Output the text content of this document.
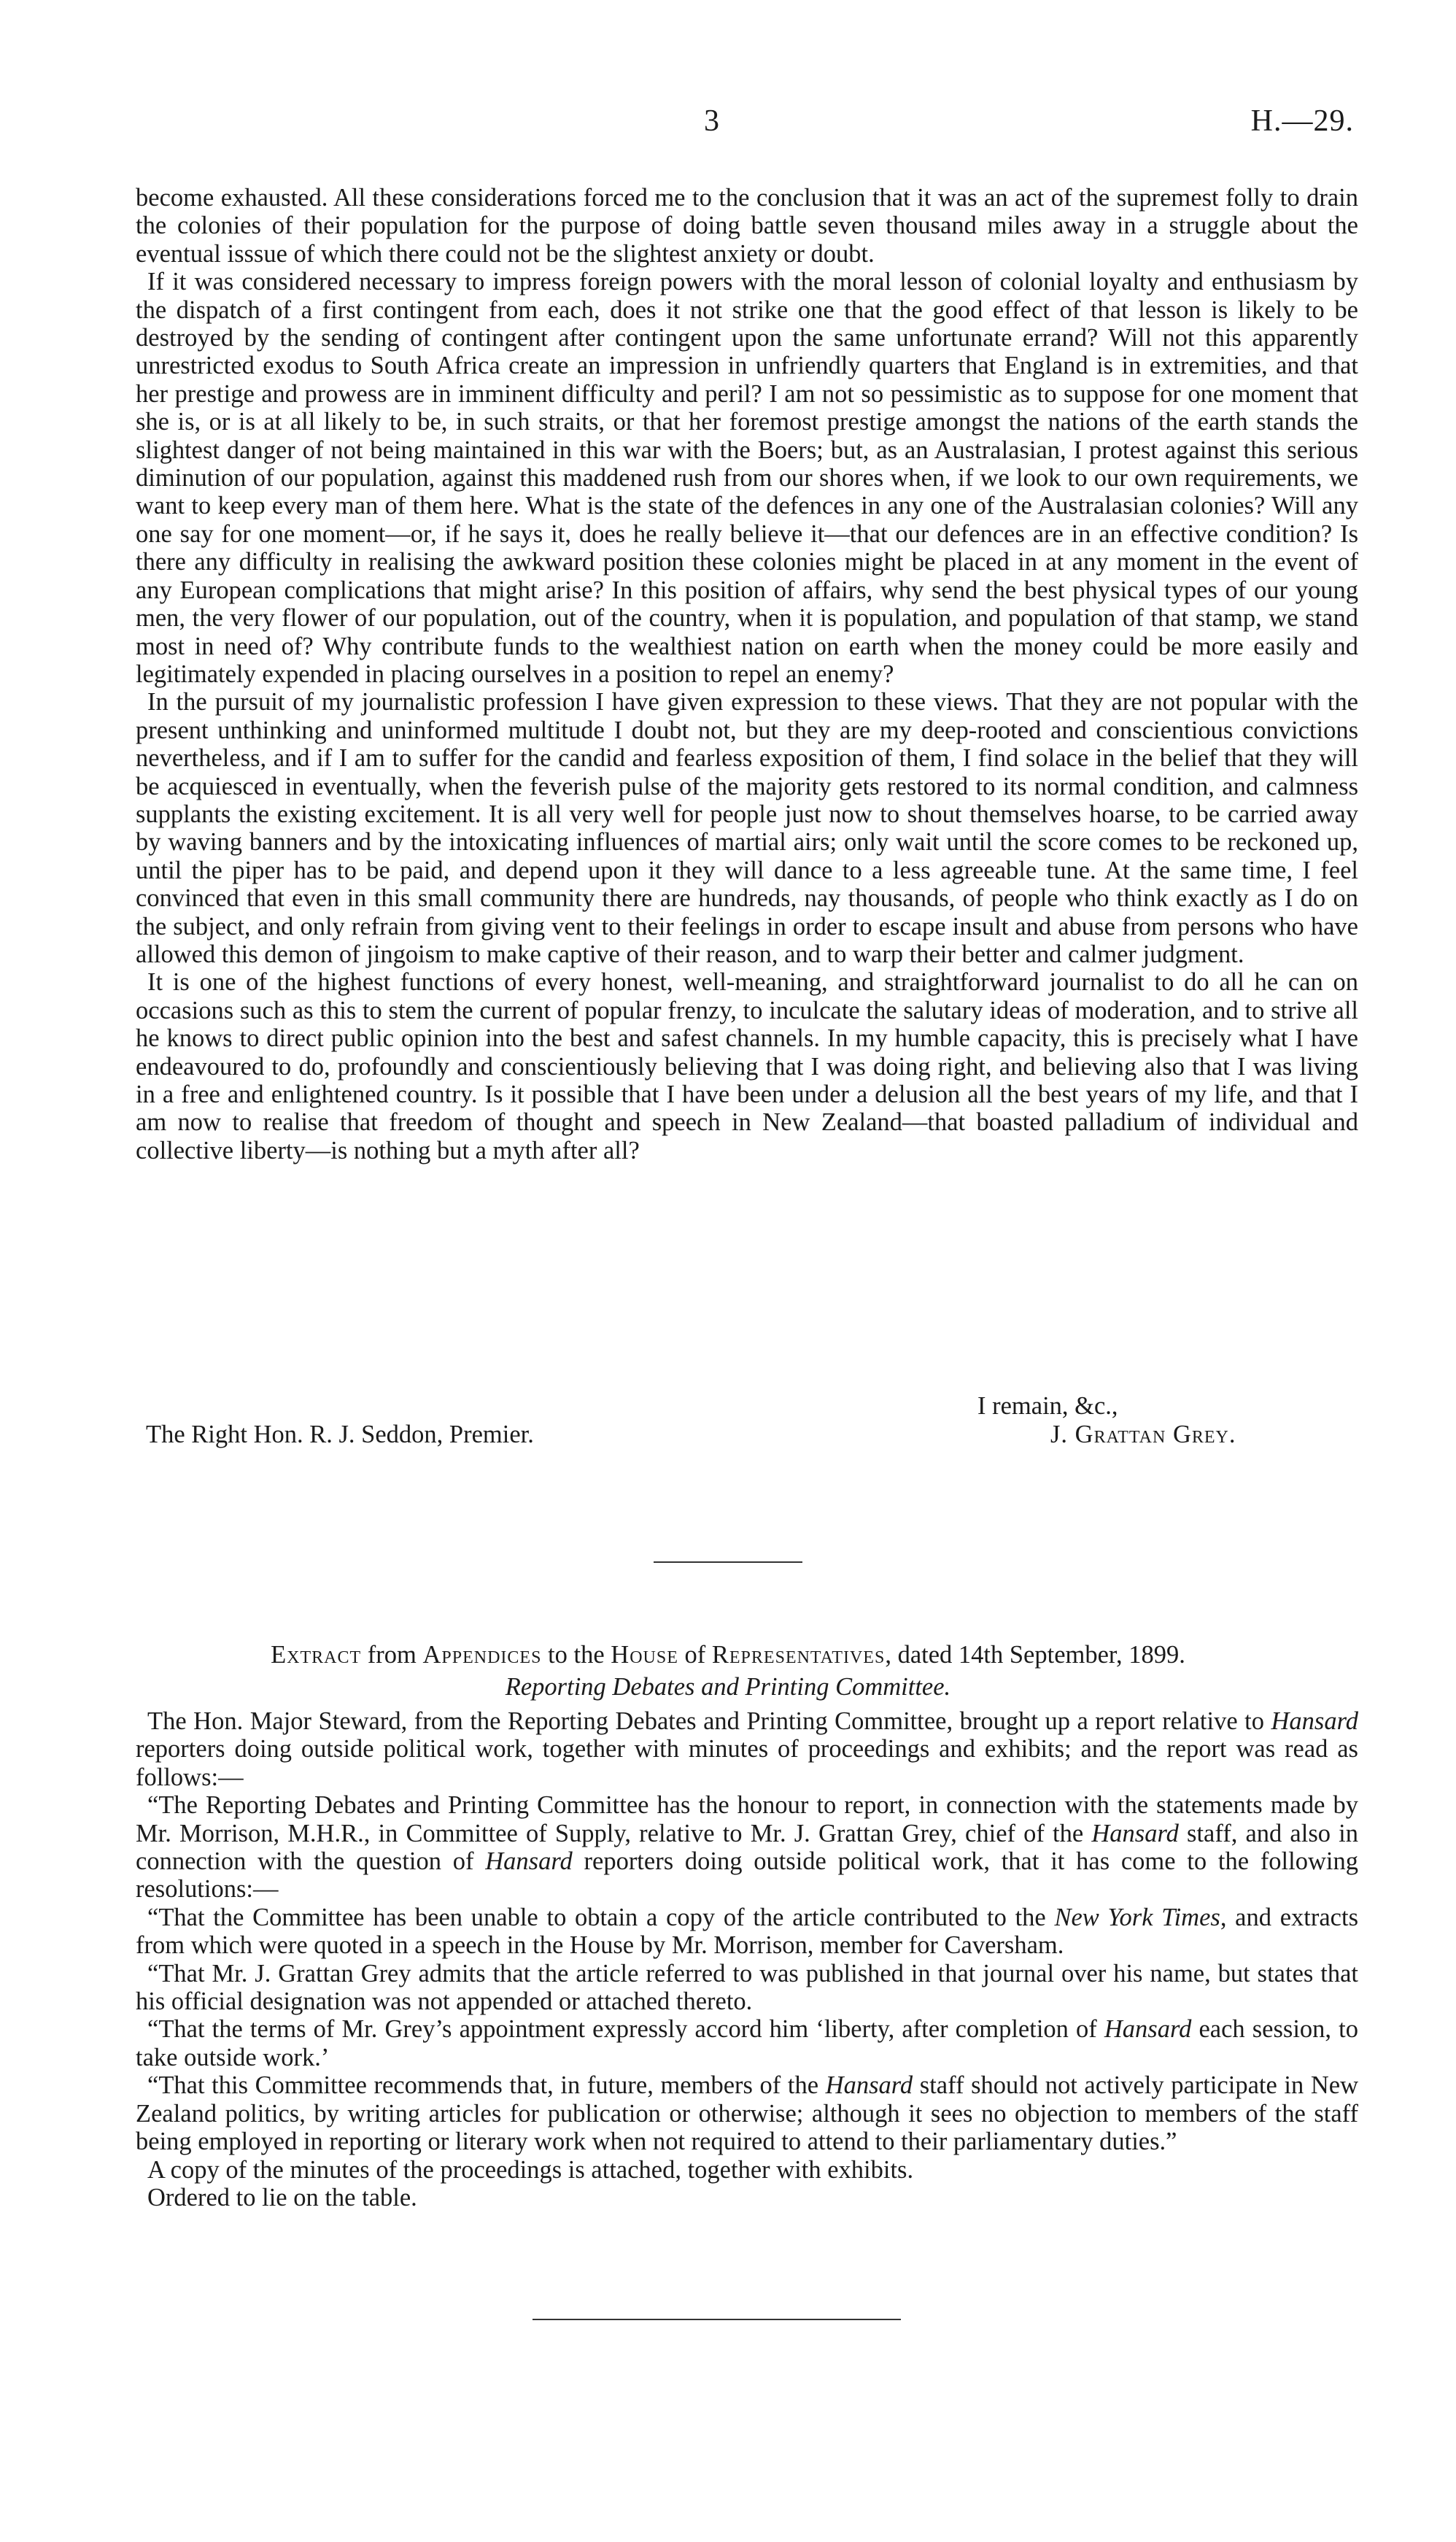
3	H.—29.

become exhausted. All these considerations forced me to the conclusion that it was an act of the supremest folly to drain the colonies of their population for the purpose of doing battle seven thousand miles away in a struggle about the eventual isssue of which there could not be the slightest anxiety or doubt.

If it was considered necessary to impress foreign powers with the moral lesson of colonial loyalty and enthusiasm by the dispatch of a first contingent from each, does it not strike one that the good effect of that lesson is likely to be destroyed by the sending of contingent after contingent upon the same unfortunate errand? Will not this apparently unrestricted exodus to South Africa create an impression in unfriendly quarters that England is in extremities, and that her prestige and prowess are in imminent difficulty and peril? I am not so pessimistic as to suppose for one moment that she is, or is at all likely to be, in such straits, or that her foremost prestige amongst the nations of the earth stands the slightest danger of not being maintained in this war with the Boers; but, as an Australasian, I protest against this serious diminution of our population, against this maddened rush from our shores when, if we look to our own requirements, we want to keep every man of them here. What is the state of the defences in any one of the Australasian colonies? Will any one say for one moment—or, if he says it, does he really believe it—that our defences are in an effective condition? Is there any difficulty in realising the awkward position these colonies might be placed in at any moment in the event of any European complications that might arise? In this position of affairs, why send the best physical types of our young men, the very flower of our population, out of the country, when it is population, and population of that stamp, we stand most in need of? Why contribute funds to the wealthiest nation on earth when the money could be more easily and legitimately expended in placing ourselves in a position to repel an enemy?

In the pursuit of my journalistic profession I have given expression to these views. That they are not popular with the present unthinking and uninformed multitude I doubt not, but they are my deep-rooted and conscientious convictions nevertheless, and if I am to suffer for the candid and fearless exposition of them, I find solace in the belief that they will be acquiesced in eventually, when the feverish pulse of the majority gets restored to its normal condition, and calmness supplants the existing excitement. It is all very well for people just now to shout themselves hoarse, to be carried away by waving banners and by the intoxicating influences of martial airs; only wait until the score comes to be reckoned up, until the piper has to be paid, and depend upon it they will dance to a less agreeable tune. At the same time, I feel convinced that even in this small community there are hundreds, nay thousands, of people who think exactly as I do on the subject, and only refrain from giving vent to their feelings in order to escape insult and abuse from persons who have allowed this demon of jingoism to make captive of their reason, and to warp their better and calmer judgment.

It is one of the highest functions of every honest, well-meaning, and straightforward journalist to do all he can on occasions such as this to stem the current of popular frenzy, to inculcate the salutary ideas of moderation, and to strive all he knows to direct public opinion into the best and safest channels. In my humble capacity, this is precisely what I have endeavoured to do, profoundly and conscientiously believing that I was doing right, and believing also that I was living in a free and enlightened country. Is it possible that I have been under a delusion all the best years of my life, and that I am now to realise that freedom of thought and speech in New Zealand—that boasted palladium of individual and collective liberty—is nothing but a myth after all?

I remain, &c.,
The Right Hon. R. J. Seddon, Premier.	J. Grattan Grey.
Extract from Appendices to the House of Representatives, dated 14th September, 1899.
Reporting Debates and Printing Committee.

The Hon. Major Steward, from the Reporting Debates and Printing Committee, brought up a report relative to Hansard reporters doing outside political work, together with minutes of proceedings and exhibits; and the report was read as follows:—

“The Reporting Debates and Printing Committee has the honour to report, in connection with the statements made by Mr. Morrison, M.H.R., in Committee of Supply, relative to Mr. J. Grattan Grey, chief of the Hansard staff, and also in connection with the question of Hansard reporters doing outside political work, that it has come to the following resolutions:—

“That the Committee has been unable to obtain a copy of the article contributed to the New York Times, and extracts from which were quoted in a speech in the House by Mr. Morrison, member for Caversham.

“That Mr. J. Grattan Grey admits that the article referred to was published in that journal over his name, but states that his official designation was not appended or attached thereto.

“That the terms of Mr. Grey’s appointment expressly accord him ‘liberty, after completion of Hansard each session, to take outside work.’

“That this Committee recommends that, in future, members of the Hansard staff should not actively participate in New Zealand politics, by writing articles for publication or otherwise; although it sees no objection to members of the staff being employed in reporting or literary work when not required to attend to their parliamentary duties.”

A copy of the minutes of the proceedings is attached, together with exhibits.

Ordered to lie on the table.
